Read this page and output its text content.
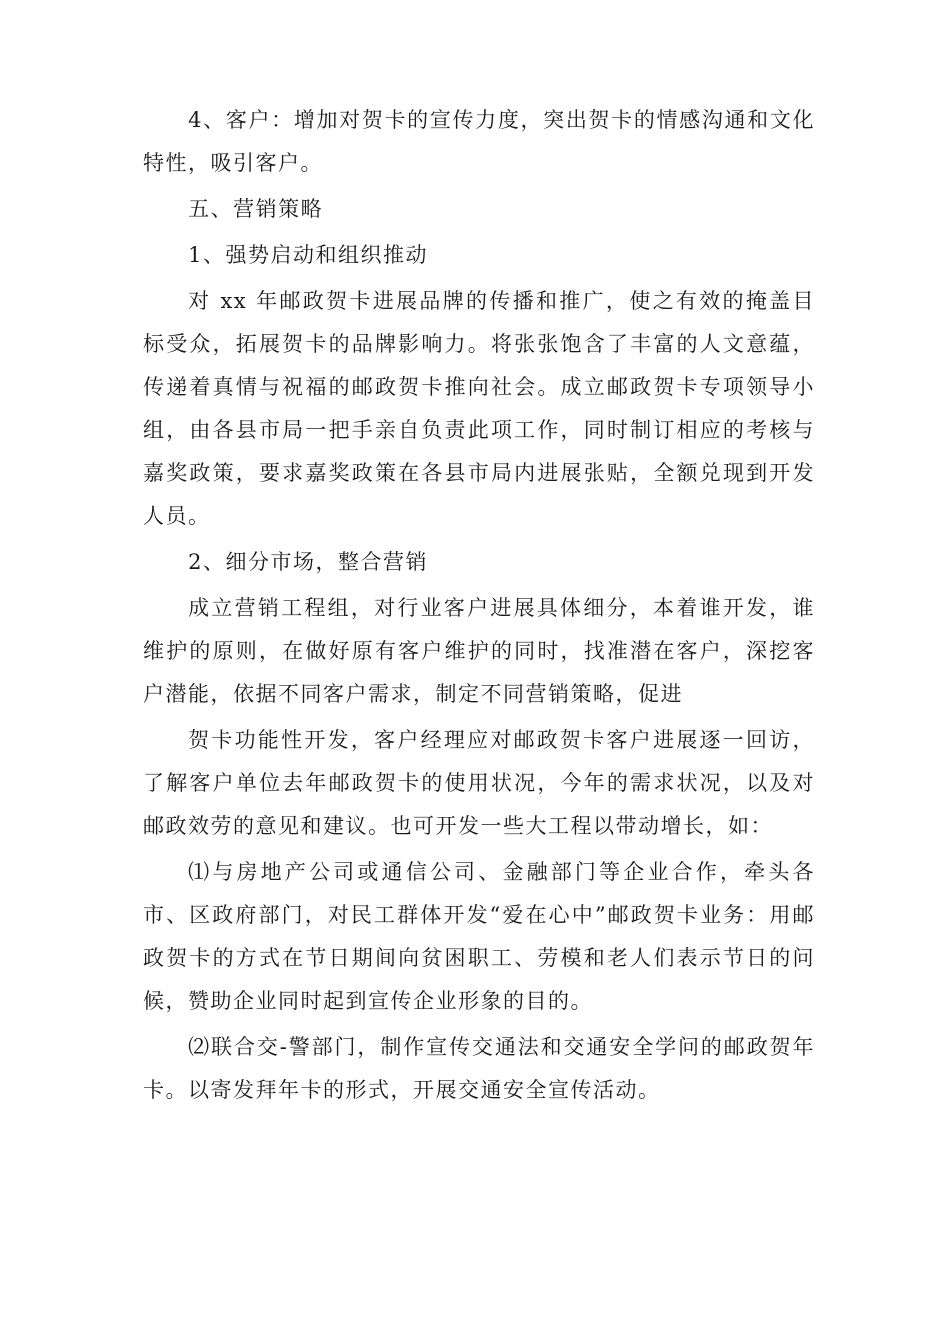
4、客户：增加对贺卡的宣传力度，突出贺卡的情感沟通和文化特性，吸引客户。

五、营销策略

1、强势启动和组织推动

对 xx 年邮政贺卡进展品牌的传播和推广，使之有效的掩盖目标受众，拓展贺卡的品牌影响力。将张张饱含了丰富的人文意蕴，传递着真情与祝福的邮政贺卡推向社会。成立邮政贺卡专项领导小组，由各县市局一把手亲自负责此项工作，同时制订相应的考核与嘉奖政策，要求嘉奖政策在各县市局内进展张贴，全额兑现到开发人员。

2、细分市场，整合营销

成立营销工程组，对行业客户进展具体细分，本着谁开发，谁维护的原则，在做好原有客户维护的同时，找准潜在客户，深挖客户潜能，依据不同客户需求，制定不同营销策略，促进

贺卡功能性开发，客户经理应对邮政贺卡客户进展逐一回访，了解客户单位去年邮政贺卡的使用状况，今年的需求状况，以及对邮政效劳的意见和建议。也可开发一些大工程以带动增长，如：

⑴与房地产公司或通信公司、金融部门等企业合作，牵头各市、区政府部门，对民工群体开发“爱在心中”邮政贺卡业务：用邮政贺卡的方式在节日期间向贫困职工、劳模和老人们表示节日的问候，赞助企业同时起到宣传企业形象的目的。

⑵联合交-警部门，制作宣传交通法和交通安全学问的邮政贺年卡。以寄发拜年卡的形式，开展交通安全宣传活动。
